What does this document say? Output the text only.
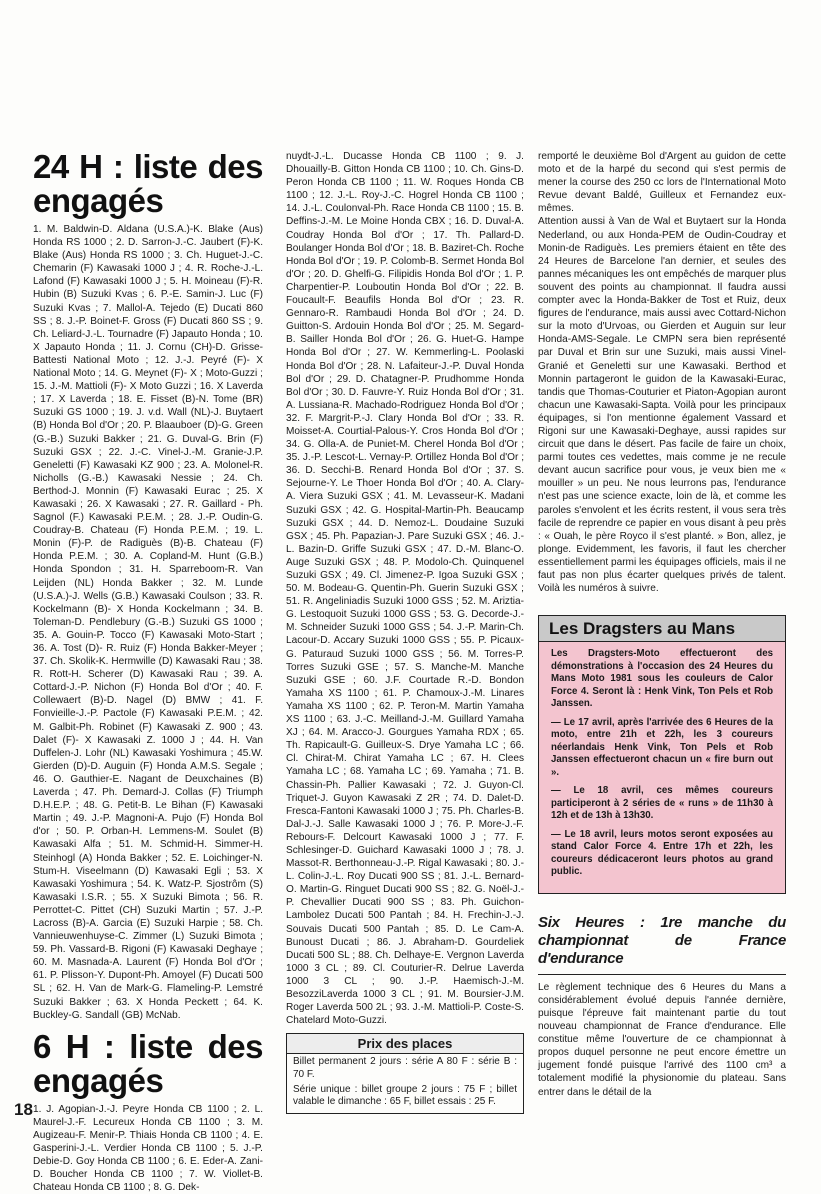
24 H : liste des engagés

1. M. Baldwin-D. Aldana (U.S.A.)-K. Blake (Aus) Honda RS 1000 ; 2. D. Sarron-J.-C. Jaubert (F)-K. Blake (Aus) Honda RS 1000 ; 3. Ch. Huguet-J.-C. Chemarin (F) Kawasaki 1000 J ; 4. R. Roche-J.-L. Lafond (F) Kawasaki 1000 J ; 5. H. Moineau (F)-R. Hubin (B) Suzuki Kvas ; 6. P.-E. Samin-J. Luc (F) Suzuki Kvas ; 7. Mallol-A. Tejedo (E) Ducati 860 SS ; 8. J.-P. Boinet-F. Gross (F) Ducati 860 SS ; 9. Ch. Leliard-J.-L. Tournadre (F) Japauto Honda ; 10. X Japauto Honda ; 11. J. Cornu (CH)-D. Grisse-Battesti National Moto ; 12. J.-J. Peyré (F)- X National Moto ; 14. G. Meynet (F)- X ; Moto-Guzzi ; 15. J.-M. Mattioli (F)- X Moto Guzzi ; 16. X Laverda ; 17. X Laverda ; 18. E. Fisset (B)-N. Tome (BR) Suzuki GS 1000 ; 19. J. v.d. Wall (NL)-J. Buytaert (B) Honda Bol d'Or ; 20. P. Blaauboer (D)-G. Green (G.-B.) Suzuki Bakker ; 21. G. Duval-G. Brin (F) Suzuki GSX ; 22. J.-C. Vinel-J.-M. Granie-J.P. Geneletti (F) Kawasaki KZ 900 ; 23. A. Molonel-R. Nicholls (G.-B.) Kawasaki Nessie ; 24. Ch. Berthod-J. Monnin (F) Kawasaki Eurac ; 25. X Kawasaki ; 26. X Kawasaki ; 27. R. Gaillard - Ph. Sagnol (F.) Kawasaki P.E.M. ; 28. J.-P. Oudin-G. Coudray-B. Chateau (F) Honda P.E.M. ; 19. L. Monin (F)-P. de Radiguès (B)-B. Chateau (F) Honda P.E.M. ; 30. A. Copland-M. Hunt (G.B.) Honda Spondon ; 31. H. Sparreboom-R. Van Leijden (NL) Honda Bakker ; 32. M. Lunde (U.S.A.)-J. Wells (G.B.) Kawasaki Coulson ; 33. R. Kockelmann (B)- X Honda Kockelmann ; 34. B. Toleman-D. Pendlebury (G.-B.) Suzuki GS 1000 ; 35. A. Gouin-P. Tocco (F) Kawasaki Moto-Start ; 36. A. Tost (D)- R. Ruiz (F) Honda Bakker-Meyer ; 37. Ch. Skolik-K. Hermwille (D) Kawasaki Rau ; 38. R. Rott-H. Scherer (D) Kawasaki Rau ; 39. A. Cottard-J.-P. Nichon (F) Honda Bol d'Or ; 40. F. Collewaert (B)-D. Nagel (D) BMW ; 41. F. Fonvieille-J.-P. Pactole (F) Kawasaki P.E.M. ; 42. M. Galbit-Ph. Robinet (F) Kawasaki Z. 900 ; 43. Dalet (F)- X Kawasaki Z. 1000 J ; 44. H. Van Duffelen-J. Lohr (NL) Kawasaki Yoshimura ; 45.W. Gierden (D)-D. Auguin (F) Honda A.M.S. Segale ; 46. O. Gauthier-E. Nagant de Deuxchaines (B) Laverda ; 47. Ph. Demard-J. Collas (F) Triumph D.H.E.P. ; 48. G. Petit-B. Le Bihan (F) Kawasaki Martin ; 49. J.-P. Magnoni-A. Pujo (F) Honda Bol d'or ; 50. P. Orban-H. Lemmens-M. Soulet (B) Kawasaki Alfa ; 51. M. Schmid-H. Simmer-H. Steinhogl (A) Honda Bakker ; 52. E. Loichinger-N. Stum-H. Viseelmann (D) Kawasaki Egli ; 53. X Kawasaki Yoshimura ; 54. K. Watz-P. Sjostrôm (S) Kawasaki I.S.R. ; 55. X Suzuki Bimota ; 56. R. Perrottet-C. Pittet (CH) Suzuki Martin ; 57. J.-P. Lacross (B)-A. Garcia (E) Suzuki Harpie ; 58. Ch. Vannieuwenhuyse-C. Zimmer (L) Suzuki Bimota ; 59. Ph. Vassard-B. Rigoni (F) Kawasaki Deghaye ; 60. M. Masnada-A. Laurent (F) Honda Bol d'Or ; 61. P. Plisson-Y. Dupont-Ph. Amoyel (F) Ducati 500 SL ; 62. H. Van de Mark-G. Flameling-P. Lemstré Suzuki Bakker ; 63. X Honda Peckett ; 64. K. Buckley-G. Sandall (GB) McNab.

6 H : liste des engagés

1. J. Agopian-J.-J. Peyre Honda CB 1100 ; 2. L. Maurel-J.-F. Lecureux Honda CB 1100 ; 3. M. Augizeau-F. Menir-P. Thiais Honda CB 1100 ; 4. E. Gasperini-J.-L. Verdier Honda CB 1100 ; 5. J.-P. Debie-D. Goy Honda CB 1100 ; 6. E. Eder-A. Zani-D. Boucher Honda CB 1100 ; 7. W. Viollet-B. Chateau Honda CB 1100 ; 8. G. Dek-

nuydt-J.-L. Ducasse Honda CB 1100 ; 9. J. Dhouailly-B. Gitton Honda CB 1100 ; 10. Ch. Gins-D. Peron Honda CB 1100 ; 11. W. Roques Honda CB 1100 ; 12. J.-L. Roy-J.-C. Hogrel Honda CB 1100 ; 14. J.-L. Coulonval-Ph. Race Honda CB 1100 ; 15. B. Deffins-J.-M. Le Moine Honda CBX ; 16. D. Duval-A. Coudray Honda Bol d'Or ; 17. Th. Pallard-D. Boulanger Honda Bol d'Or ; 18. B. Baziret-Ch. Roche Honda Bol d'Or ; 19. P. Colomb-B. Sermet Honda Bol d'Or ; 20. D. Ghelfi-G. Filipidis Honda Bol d'Or ; 1. P. Charpentier-P. Louboutin Honda Bol d'Or ; 22. B. Foucault-F. Beaufils Honda Bol d'Or ; 23. R. Gennaro-R. Rambaudi Honda Bol d'Or ; 24. D. Guitton-S. Ardouin Honda Bol d'Or ; 25. M. Segard-B. Sailler Honda Bol d'Or ; 26. G. Huet-G. Hampe Honda Bol d'Or ; 27. W. Kemmerling-L. Poolaski Honda Bol d'Or ; 28. N. Lafaiteur-J.-P. Duval Honda Bol d'Or ; 29. D. Chatagner-P. Prudhomme Honda Bol d'Or ; 30. D. Fauvre-Y. Ruiz Honda Bol d'Or ; 31. A. Lussiana-R. Machado-Rodriguez Honda Bol d'Or ; 32. F. Margrit-P.-J. Clary Honda Bol d'Or ; 33. R. Moisset-A. Courtial-Palous-Y. Cros Honda Bol d'Or ; 34. G. Olla-A. de Puniet-M. Cherel Honda Bol d'Or ; 35. J.-P. Lescot-L. Vernay-P. Ortillez Honda Bol d'Or ; 36. D. Secchi-B. Renard Honda Bol d'Or ; 37. S. Sejourne-Y. Le Thoer Honda Bol d'Or ; 40. A. Clary-A. Viera Suzuki GSX ; 41. M. Levasseur-K. Madani Suzuki GSX ; 42. G. Hospital-Martin-Ph. Beaucamp Suzuki GSX ; 44. D. Nemoz-L. Doudaine Suzuki GSX ; 45. Ph. Papazian-J. Pare Suzuki GSX ; 46. J.-L. Bazin-D. Griffe Suzuki GSX ; 47. D.-M. Blanc-O. Auge Suzuki GSX ; 48. P. Modolo-Ch. Quinquenel Suzuki GSX ; 49. Cl. Jimenez-P. Igoa Suzuki GSX ; 50. M. Bodeau-G. Quentin-Ph. Guerin Suzuki GSX ; 51. R. Angeliniadis Suzuki 1000 GSS ; 52. M. Ariztia-G. Lestoquoit Suzuki 1000 GSS ; 53. G. Decorde-J.-M. Schneider Suzuki 1000 GSS ; 54. J.-P. Marin-Ch. Lacour-D. Accary Suzuki 1000 GSS ; 55. P. Picaux-G. Paturaud Suzuki 1000 GSS ; 56. M. Torres-P. Torres Suzuki GSE ; 57. S. Manche-M. Manche Suzuki GSE ; 60. J.F. Courtade R.-D. Bondon Yamaha XS 1100 ; 61. P. Chamoux-J.-M. Linares Yamaha XS 1100 ; 62. P. Teron-M. Martin Yamaha XS 1100 ; 63. J.-C. Meilland-J.-M. Guillard Yamaha XJ ; 64. M. Aracco-J. Gourgues Yamaha RDX ; 65. Th. Rapicault-G. Guilleux-S. Drye Yamaha LC ; 66. Cl. Chirat-M. Chirat Yamaha LC ; 67. H. Clees Yamaha LC ; 68. Yamaha LC ; 69. Yamaha ; 71. B. Chassin-Ph. Pallier Kawasaki ; 72. J. Guyon-Cl. Triquet-J. Guyon Kawasaki Z 2R ; 74. D. Dalet-D. Fresca-Fantoni Kawasaki 1000 J ; 75. Ph. Charles-B. Dal-J.-J. Salle Kawasaki 1000 J ; 76. P. More-J.-F. Rebours-F. Delcourt Kawasaki 1000 J ; 77. F. Schlesinger-D. Guichard Kawasaki 1000 J ; 78. J. Massot-R. Berthonneau-J.-P. Rigal Kawasaki ; 80. J.-L. Colin-J.-L. Roy Ducati 900 SS ; 81. J.-L. Bernard-O. Martin-G. Ringuet Ducati 900 SS ; 82. G. Noël-J.-P. Chevallier Ducati 900 SS ; 83. Ph. Guichon-Lambolez Ducati 500 Pantah ; 84. H. Frechin-J.-J. Souvais Ducati 500 Pantah ; 85. D. Le Cam-A. Bunoust Ducati ; 86. J. Abraham-D. Gourdeliek Ducati 500 SL ; 88. Ch. Delhaye-E. Vergnon Laverda 1000 3 CL ; 89. Cl. Couturier-R. Delrue Laverda 1000 3 CL ; 90. J.-P. Haemisch-J.-M. BesozziLaverda 1000 3 CL ; 91. M. Boursier-J.M. Roger Laverda 500 2L ; 93. J.-M. Mattioli-P. Coste-S. Chatelard Moto-Guzzi.

Prix des places
Billet permanent 2 jours : série A 80 F : série B : 70 F.
Série unique : billet groupe 2 jours : 75 F ; billet valable le dimanche : 65 F, billet essais : 25 F.

remporté le deuxième Bol d'Argent au guidon de cette moto et de la harpé du second qui s'est permis de mener la course des 250 cc lors de l'International Moto Revue devant Baldé, Guilleux et Fernandez eux-mêmes.

Attention aussi à Van de Wal et Buytaert sur la Honda Nederland, ou aux Honda-PEM de Oudin-Coudray et Monin-de Radiguès. Les premiers étaient en tête des 24 Heures de Barcelone l'an dernier, et seules des pannes mécaniques les ont empêchés de marquer plus souvent des points au championnat. Il faudra aussi compter avec la Honda-Bakker de Tost et Ruiz, deux figures de l'endurance, mais aussi avec Cottard-Nichon sur la moto d'Urvoas, ou Gierden et Auguin sur leur Honda-AMS-Segale. Le CMPN sera bien représenté par Duval et Brin sur une Suzuki, mais aussi Vinel-Granié et Geneletti sur une Kawasaki. Berthod et Monnin partageront le guidon de la Kawasaki-Eurac, tandis que Thomas-Couturier et Piaton-Agopian auront chacun une Kawasaki-Sapta. Voilà pour les principaux équipages, si l'on mentionne également Vassard et Rigoni sur une Kawasaki-Deghaye, aussi rapides sur circuit que dans le désert. Pas facile de faire un choix, parmi toutes ces vedettes, mais comme je ne recule devant aucun sacrifice pour vous, je veux bien me « mouiller » un peu. Ne nous leurrons pas, l'endurance n'est pas une science exacte, loin de là, et comme les paroles s'envolent et les écrits restent, il vous sera très facile de reprendre ce papier en vous disant à peu près : « Ouah, le père Royco il s'est planté. » Bon, allez, je plonge. Evidemment, les favoris, il faut les chercher essentiellement parmi les équipages officiels, mais il ne faut pas non plus écarter quelques privés de talent. Voilà les numéros à suivre.

Les Dragsters au Mans

Les Dragsters-Moto effectueront des démonstrations à l'occasion des 24 Heures du Mans Moto 1981 sous les couleurs de Calor Force 4. Seront là : Henk Vink, Ton Pels et Rob Janssen.

— Le 17 avril, après l'arrivée des 6 Heures de la moto, entre 21h et 22h, les 3 coureurs néerlandais Henk Vink, Ton Pels et Rob Janssen effectueront chacun un « fire burn out ».

— Le 18 avril, ces mêmes coureurs participeront à 2 séries de « runs » de 11h30 à 12h et de 13h à 13h30.

— Le 18 avril, leurs motos seront exposées au stand Calor Force 4. Entre 17h et 22h, les coureurs dédicaceront leurs photos au grand public.

Six Heures : 1re manche du championnat de France d'endurance

Le règlement technique des 6 Heures du Mans a considérablement évolué depuis l'année dernière, puisque l'épreuve fait maintenant partie du tout nouveau championnat de France d'endurance. Elle constitue même l'ouverture de ce championnat à propos duquel personne ne peut encore émettre un jugement fondé puisque l'arrivé des 1100 cm³ a totalement modifié la physionomie du plateau. Sans entrer dans le détail de la

18
